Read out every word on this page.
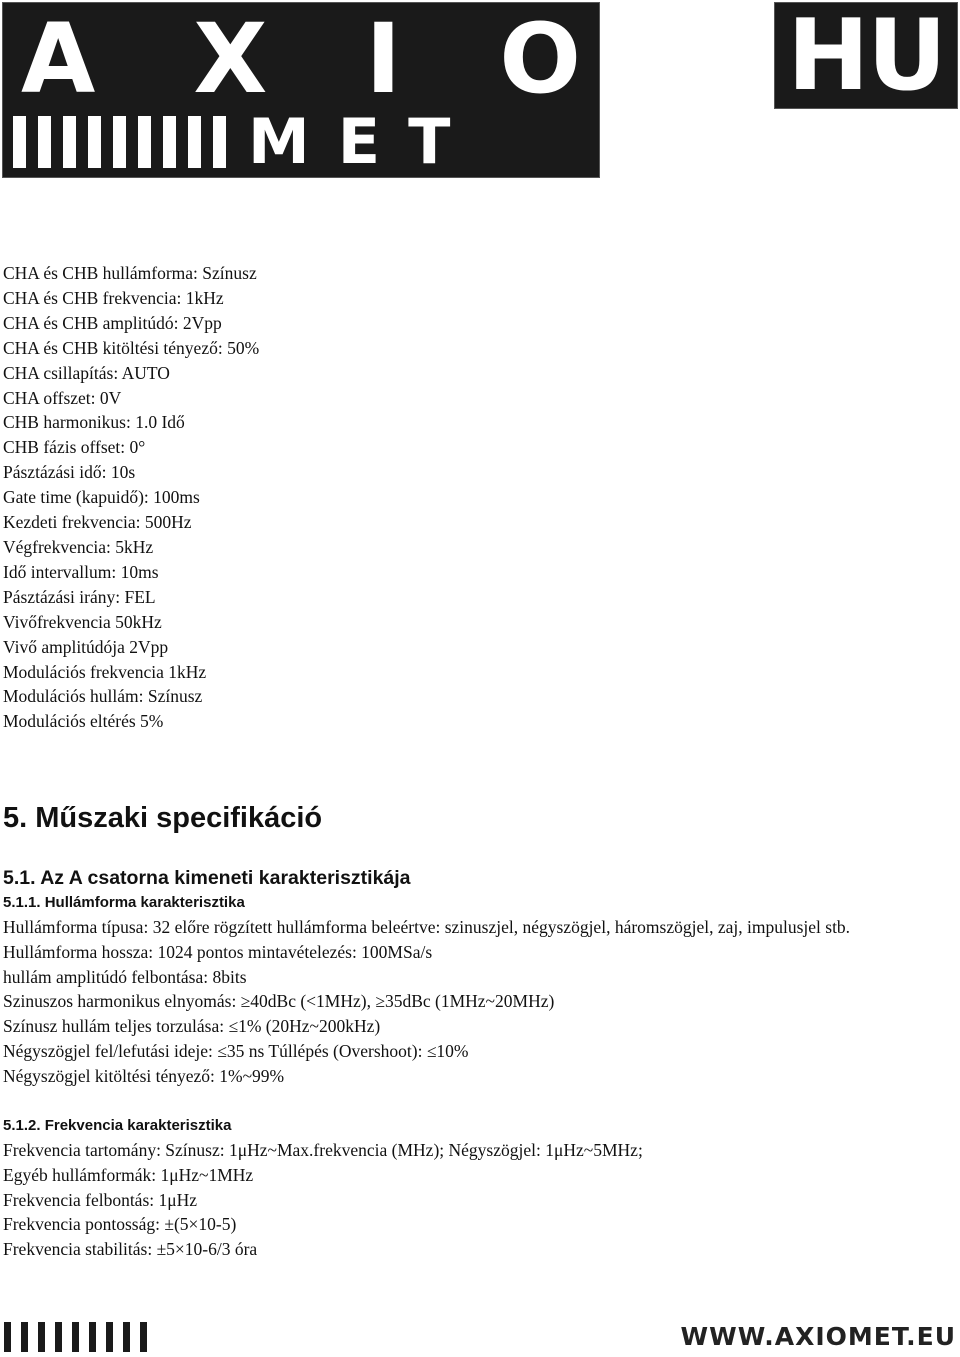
A X I O
M E T
HU
CHA és CHB hullámforma: Színusz
CHA és CHB frekvencia: 1kHz
CHA és CHB amplitúdó: 2Vpp
CHA és CHB kitöltési tényező: 50%
CHA csillapítás: AUTO
CHA offszet: 0V
CHB harmonikus: 1.0 Idő
CHB fázis offset: 0°
Pásztázási idő: 10s
Gate time (kapuidő): 100ms
Kezdeti frekvencia: 500Hz
Végfrekvencia: 5kHz
Idő intervallum: 10ms
Pásztázási irány: FEL
Vivőfrekvencia 50kHz
Vivő amplitúdója 2Vpp
Modulációs frekvencia 1kHz
Modulációs hullám: Színusz
Modulációs eltérés 5%
5. Műszaki specifikáció
5.1. Az A csatorna kimeneti karakterisztikája
5.1.1. Hullámforma karakterisztika
Hullámforma típusa: 32 előre rögzített hullámforma beleértve: szinuszjel, négyszögjel, háromszögjel, zaj, impulusjel stb.
Hullámforma hossza: 1024 pontos mintavételezés: 100MSa/s
hullám amplitúdó felbontása: 8bits
Szinuszos harmonikus elnyomás: ≥40dBc (<1MHz), ≥35dBc (1MHz~20MHz)
Színusz hullám teljes torzulása: ≤1% (20Hz~200kHz)
Négyszögjel fel/lefutási ideje: ≤35 ns Túllépés (Overshoot): ≤10%
Négyszögjel kitöltési tényező: 1%~99%
5.1.2. Frekvencia karakterisztika
Frekvencia tartomány: Színusz: 1μHz~Max.frekvencia (MHz); Négyszögjel: 1μHz~5MHz;
Egyéb hullámformák: 1μHz~1MHz
Frekvencia felbontás: 1μHz
Frekvencia pontosság: ±(5×10-5)
Frekvencia stabilitás: ±5×10-6/3 óra
WWW.AXIOMET.EU
